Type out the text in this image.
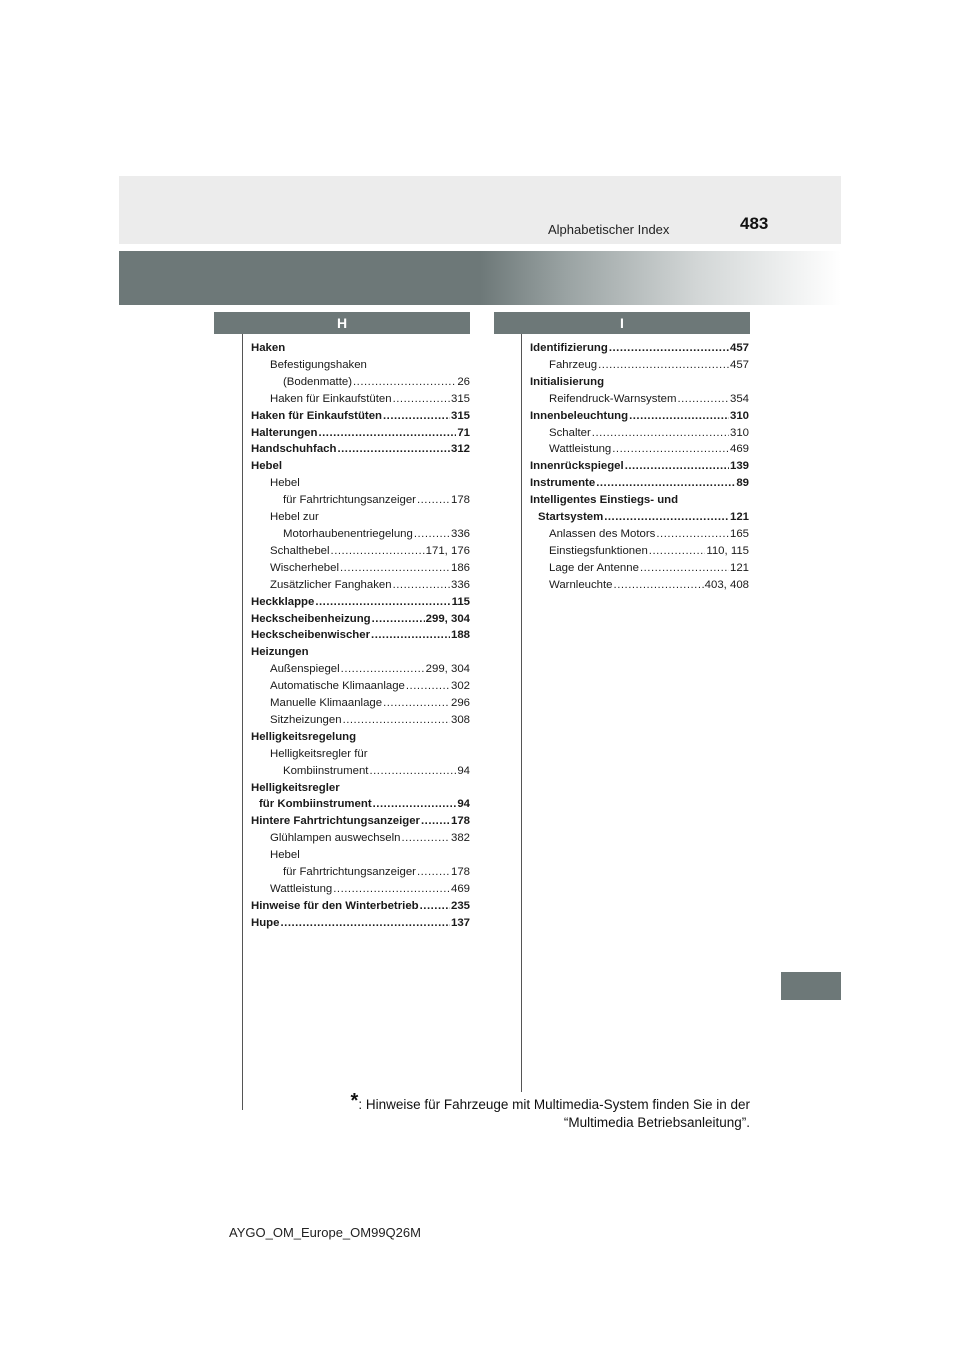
Alphabetischer Index	483
H	I
Haken
Befestigungshaken
(Bodenmatte) .....	26
Haken für Einkaufstüten .....	315
Haken für Einkaufstüten .....	315
Halterungen .....	71
Handschuhfach .....	312
Hebel
Hebel
für Fahrtrichtungsanzeiger .....	178
Hebel zur
Motorhaubenentriegelung .....	336
Schalthebel .....	171, 176
Wischerhebel .....	186
Zusätzlicher Fanghaken .....	336
Heckklappe .....	115
Heckscheibenheizung .....	299, 304
Heckscheibenwischer .....	188
Heizungen
Außenspiegel .....	299, 304
Automatische Klimaanlage .....	302
Manuelle Klimaanlage .....	296
Sitzheizungen .....	308
Helligkeitsregelung
Helligkeitsregler für
Kombiinstrument .....	94
Helligkeitsregler
für Kombiinstrument .....	94
Hintere Fahrtrichtungsanzeiger .....	178
Glühlampen auswechseln .....	382
Hebel
für Fahrtrichtungsanzeiger .....	178
Wattleistung .....	469
Hinweise für den Winterbetrieb .....	235
Hupe .....	137
Identifizierung .....	457
Fahrzeug .....	457
Initialisierung
Reifendruck-Warnsystem .....	354
Innenbeleuchtung .....	310
Schalter .....	310
Wattleistung .....	469
Innenrückspiegel .....	139
Instrumente .....	89
Intelligentes Einstiegs- und
Startsystem .....	121
Anlassen des Motors .....	165
Einstiegsfunktionen .....	110, 115
Lage der Antenne .....	121
Warnleuchte .....	403, 408
*: Hinweise für Fahrzeuge mit Multimedia-System finden Sie in der
“Multimedia Betriebsanleitung”.
AYGO_OM_Europe_OM99Q26M
